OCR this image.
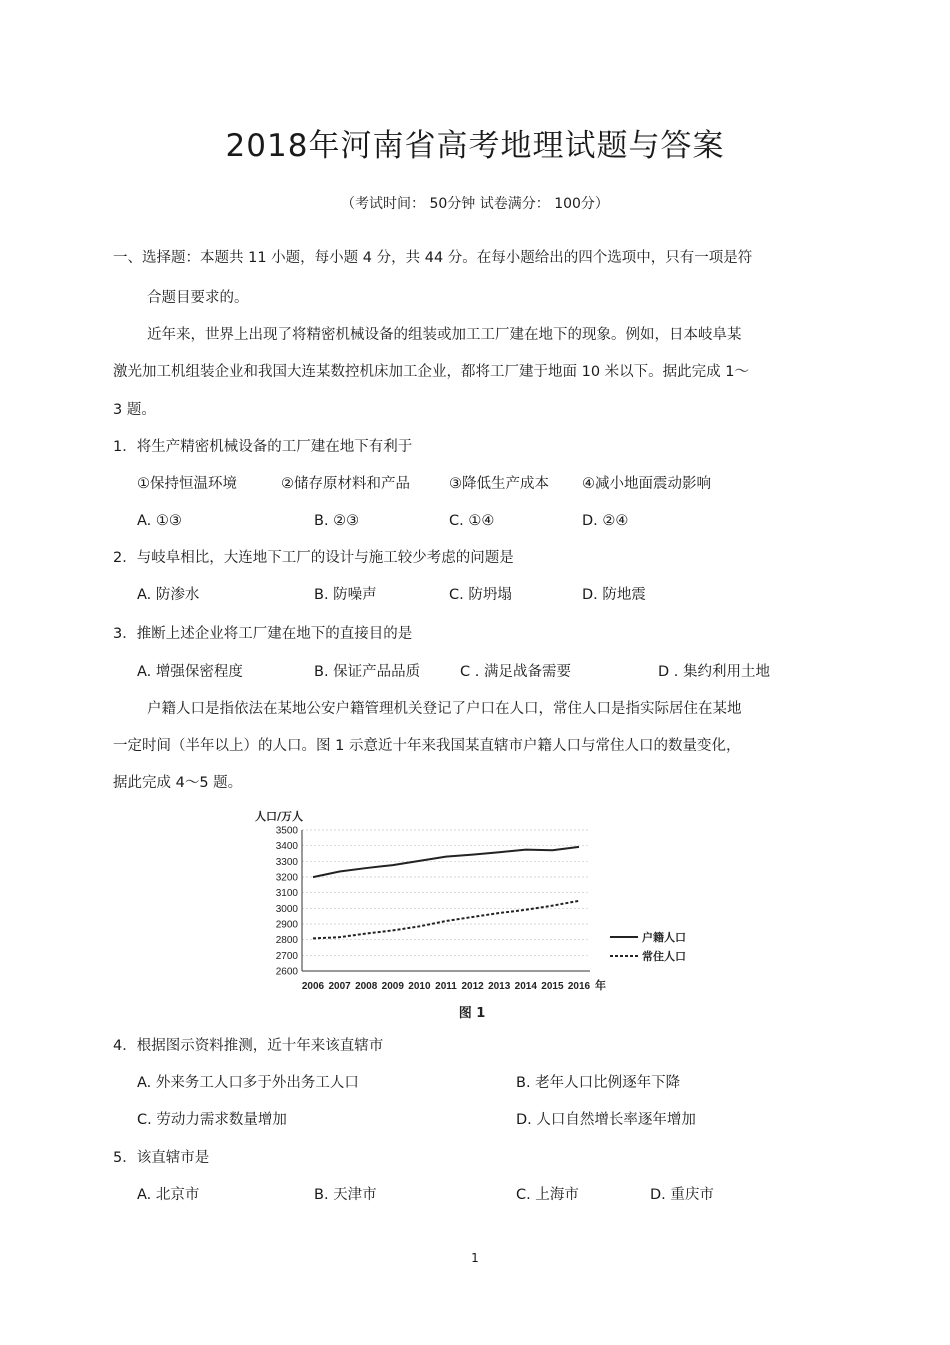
2018年河南省高考地理试题与答案
（考试时间： 50分钟 试卷满分： 100分）
一、选择题：本题共 11 小题，每小题 4 分，共 44 分。在每小题给出的四个选项中，只有一项是符
合题目要求的。
近年来，世界上出现了将精密机械设备的组装或加工工厂建在地下的现象。例如，日本岐阜某
激光加工机组装企业和我国大连某数控机床加工企业，都将工厂建于地面 10 米以下。据此完成 1～
3 题。
1．将生产精密机械设备的工厂建在地下有利于
①保持恒温环境	②储存原材料和产品	③降低生产成本 ④减小地面震动影响
A. ①③	B. ②③	C. ①④	D. ②④
2．与岐阜相比，大连地下工厂的设计与施工较少考虑的问题是
A. 防渗水	B. 防噪声	C. 防坍塌	D. 防地震
3．推断上述企业将工厂建在地下的直接目的是
A. 增强保密程度	B. 保证产品品质	C . 满足战备需要	D . 集约利用土地
户籍人口是指依法在某地公安户籍管理机关登记了户口在人口，常住人口是指实际居住在某地
一定时间（半年以上）的人口。图 1 示意近十年来我国某直辖市户籍人口与常住人口的数量变化，
据此完成 4～5 题。
3500
3400
3300
3200
3100
3000
2900
2800
2700
2600
2006 2007 2008 2009 2010 2011 2012 2013 2014 2015 2016
人口/万人
年
户籍人口
常住人口
图 1
4．根据图示资料推测，近十年来该直辖市
A. 外来务工人口多于外出务工人口	B. 老年人口比例逐年下降
C. 劳动力需求数量增加	D. 人口自然增长率逐年增加
5．该直辖市是
A. 北京市	B. 天津市	C. 上海市	D. 重庆市
1
